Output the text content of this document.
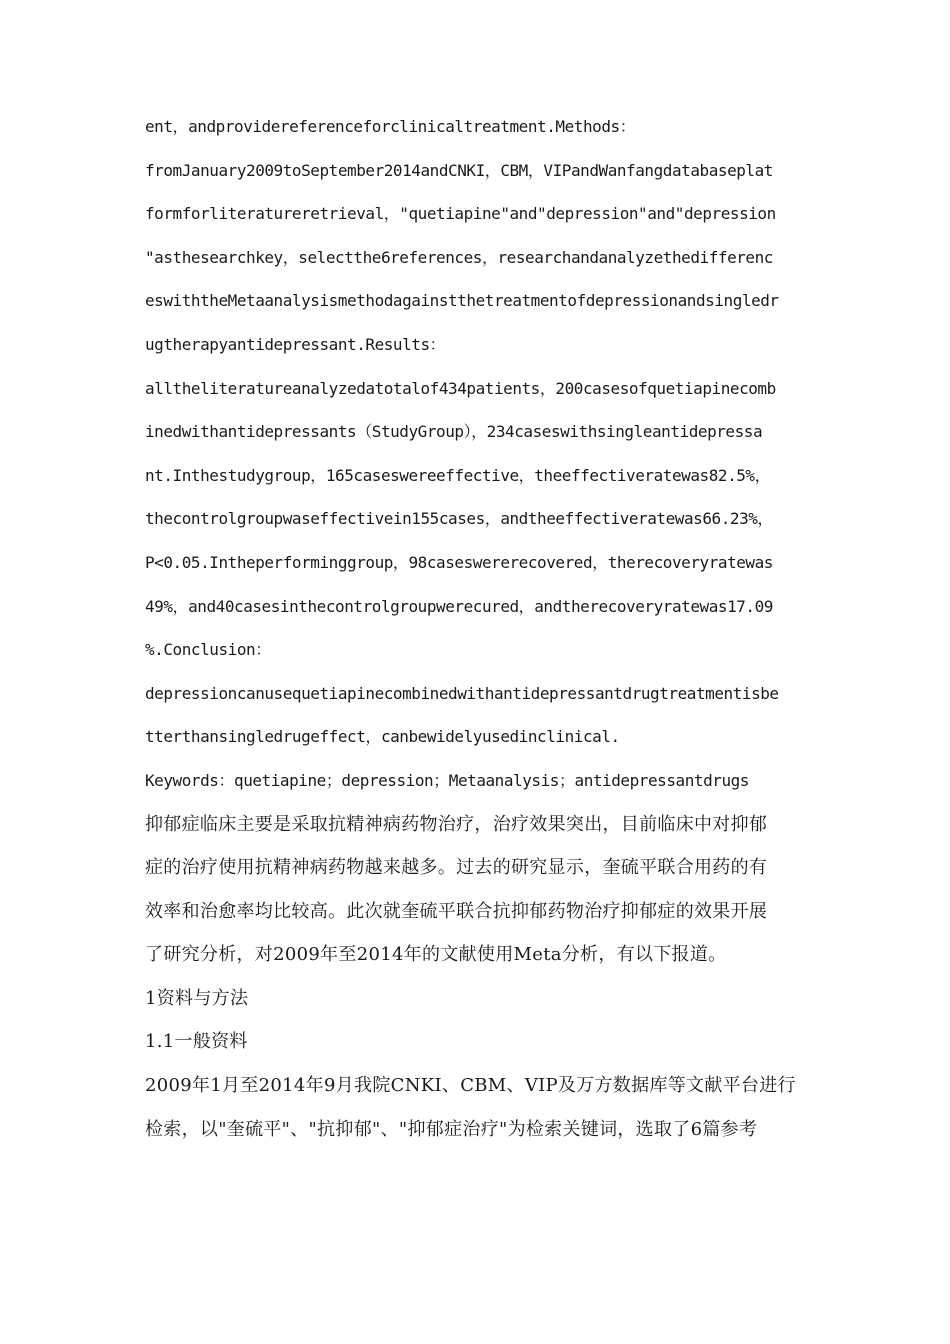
ent，andprovidereferenceforclinicaltreatment.Methods：
fromJanuary2009toSeptember2014andCNKI，CBM，VIPandWanfangdatabaseplat
formforliteratureretrieval，"quetiapine"and"depression"and"depression
"asthesearchkey，selectthe6references，researchandanalyzethedifferenc
eswiththeMetaanalysismethodagainstthetreatmentofdepressionandsingledr
ugtherapyantidepressant.Results：
alltheliteratureanalyzedatotalof434patients，200casesofquetiapinecomb
inedwithantidepressants（StudyGroup），234caseswithsingleantidepressa
nt.Inthestudygroup，165caseswereeffective，theeffectiveratewas82.5%，
thecontrolgroupwaseffectivein155cases，andtheeffectiveratewas66.23%，
P<0.05.Intheperforminggroup，98caseswererecovered，therecoveryratewas
49%，and40casesinthecontrolgroupwerecured，andtherecoveryratewas17.09
%.Conclusion：
depressioncanusequetiapinecombinedwithantidepressantdrugtreatmentisbe
tterthansingledrugeffect，canbewidelyusedinclinical.
Keywords：quetiapine；depression；Metaanalysis；antidepressantdrugs
抑郁症临床主要是采取抗精神病药物治疗，治疗效果突出，目前临床中对抑郁
症的治疗使用抗精神病药物越来越多。过去的研究显示，奎硫平联合用药的有
效率和治愈率均比较高。此次就奎硫平联合抗抑郁药物治疗抑郁症的效果开展
了研究分析，对2009年至2014年的文献使用Meta分析，有以下报道。
1资料与方法
1.1一般资料
2009年1月至2014年9月我院CNKI、CBM、VIP及万方数据库等文献平台进行
检索，以"奎硫平"、"抗抑郁"、"抑郁症治疗"为检索关键词，选取了6篇参考
